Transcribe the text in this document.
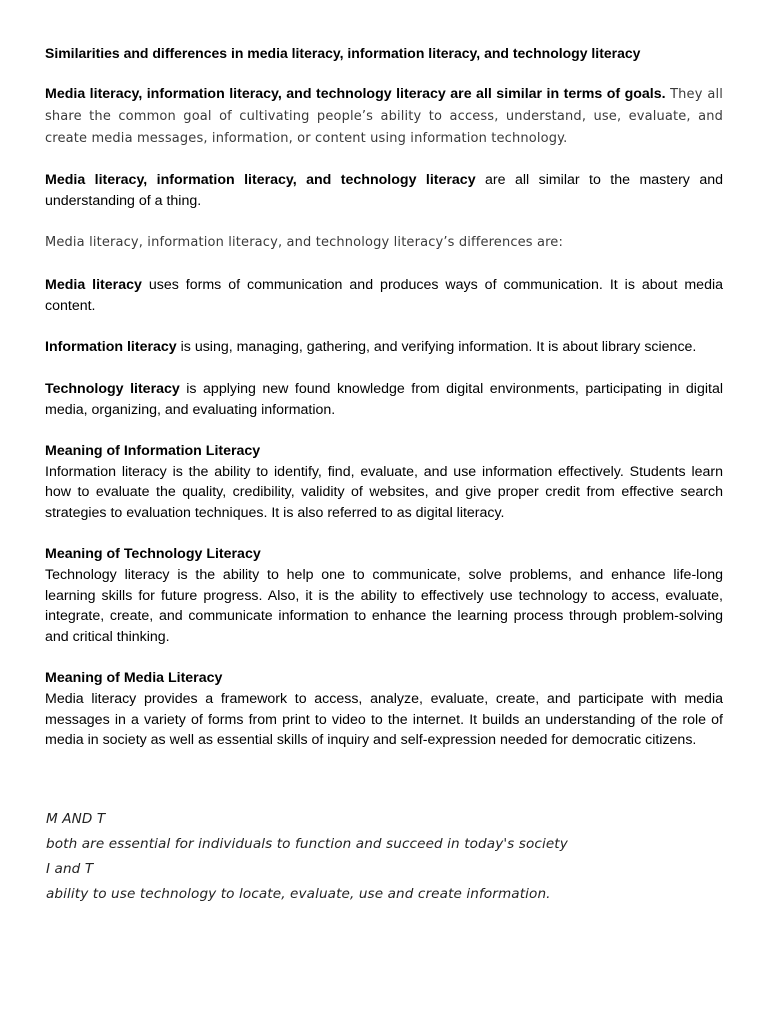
Similarities and differences in media literacy, information literacy, and technology literacy

Media literacy, information literacy, and technology literacy are all similar in terms of goals. They all share the common goal of cultivating people’s ability to access, understand, use, evaluate, and create media messages, information, or content using information technology.

Media literacy, information literacy, and technology literacy are all similar to the mastery and understanding of a thing.

Media literacy, information literacy, and technology literacy’s differences are:

Media literacy uses forms of communication and produces ways of communication. It is about media content.

Information literacy is using, managing, gathering, and verifying information. It is about library science.

Technology literacy is applying new found knowledge from digital environments, participating in digital media, organizing, and evaluating information.

Meaning of Information Literacy

Information literacy is the ability to identify, find, evaluate, and use information effectively. Students learn how to evaluate the quality, credibility, validity of websites, and give proper credit from effective search strategies to evaluation techniques. It is also referred to as digital literacy.

Meaning of Technology Literacy

Technology literacy is the ability to help one to communicate, solve problems, and enhance life-long learning skills for future progress. Also, it is the ability to effectively use technology to access, evaluate, integrate, create, and communicate information to enhance the learning process through problem-solving and critical thinking.

Meaning of Media Literacy

Media literacy provides a framework to access, analyze, evaluate, create, and participate with media messages in a variety of forms from print to video to the internet. It builds an understanding of the role of media in society as well as essential skills of inquiry and self-expression needed for democratic citizens.

M AND T
both are essential for individuals to function and succeed in today's society
I and T
ability to use technology to locate, evaluate, use and create information.
